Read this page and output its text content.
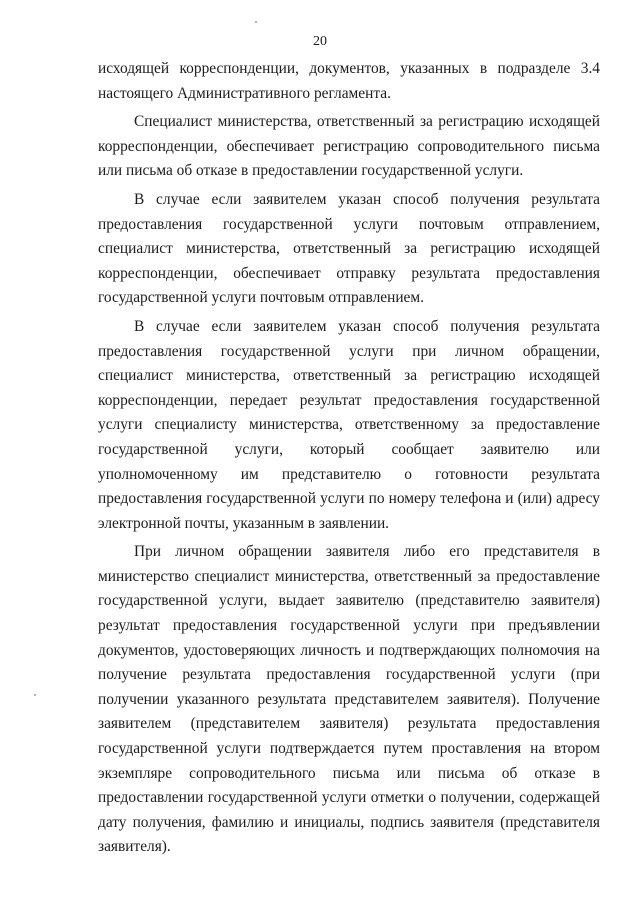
20

исходящей корреспонденции, документов, указанных в подразделе 3.4 настоящего Административного регламента.

Специалист министерства, ответственный за регистрацию исходящей корреспонденции, обеспечивает регистрацию сопроводительного письма или письма об отказе в предоставлении государственной услуги.

В случае если заявителем указан способ получения результата предоставления государственной услуги почтовым отправлением, специалист министерства, ответственный за регистрацию исходящей корреспонденции, обеспечивает отправку результата предоставления государственной услуги почтовым отправлением.

В случае если заявителем указан способ получения результата предоставления государственной услуги при личном обращении, специалист министерства, ответственный за регистрацию исходящей корреспонденции, передает результат предоставления государственной услуги специалисту министерства, ответственному за предоставление государственной услуги, который сообщает заявителю или уполномоченному им представителю о готовности результата предоставления государственной услуги по номеру телефона и (или) адресу электронной почты, указанным в заявлении.

При личном обращении заявителя либо его представителя в министерство специалист министерства, ответственный за предоставление государственной услуги, выдает заявителю (представителю заявителя) результат предоставления государственной услуги при предъявлении документов, удостоверяющих личность и подтверждающих полномочия на получение результата предоставления государственной услуги (при получении указанного результата представителем заявителя). Получение заявителем (представителем заявителя) результата предоставления государственной услуги подтверждается путем проставления на втором экземпляре сопроводительного письма или письма об отказе в предоставлении государственной услуги отметки о получении, содержащей дату получения, фамилию и инициалы, подпись заявителя (представителя заявителя).
